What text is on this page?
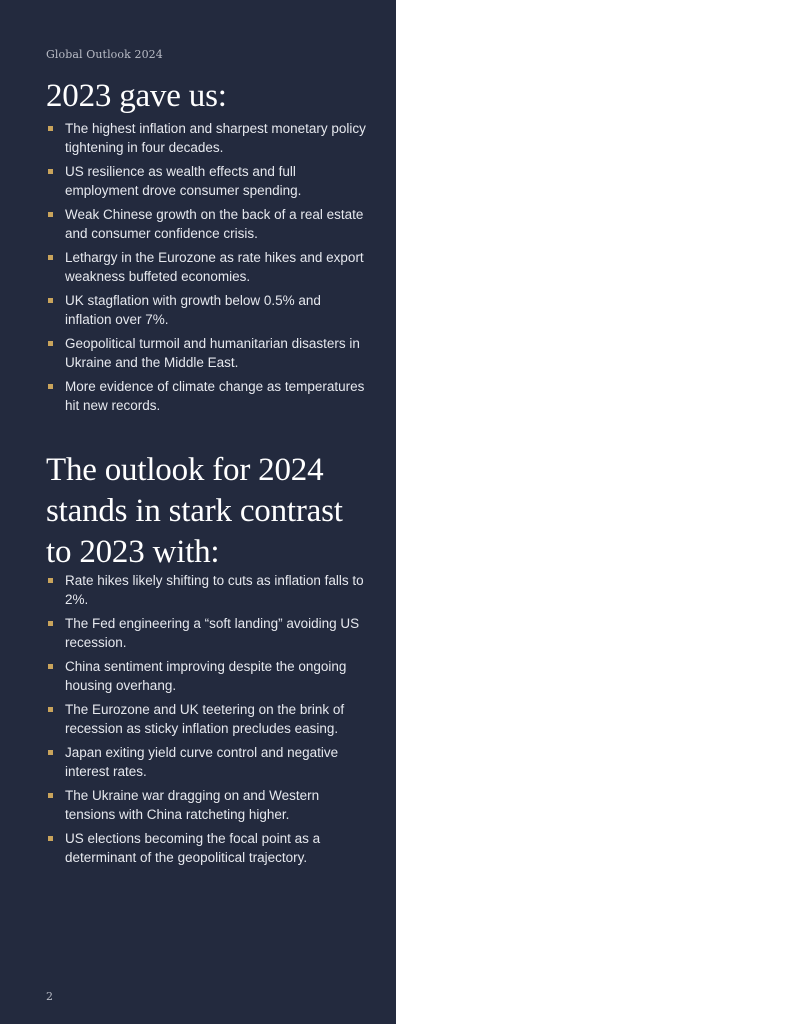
Global Outlook 2024
2023 gave us:
The highest inflation and sharpest monetary policy tightening in four decades.
US resilience as wealth effects and full employment drove consumer spending.
Weak Chinese growth on the back of a real estate and consumer confidence crisis.
Lethargy in the Eurozone as rate hikes and export weakness buffeted economies.
UK stagflation with growth below 0.5% and inflation over 7%.
Geopolitical turmoil and humanitarian disasters in Ukraine and the Middle East.
More evidence of climate change as temperatures hit new records.
The outlook for 2024 stands in stark contrast to 2023 with:
Rate hikes likely shifting to cuts as inflation falls to 2%.
The Fed engineering a “soft landing” avoiding US recession.
China sentiment improving despite the ongoing housing overhang.
The Eurozone and UK teetering on the brink of recession as sticky inflation precludes easing.
Japan exiting yield curve control and negative interest rates.
The Ukraine war dragging on and Western tensions with China ratcheting higher.
US elections becoming the focal point as a determinant of the geopolitical trajectory.
2
